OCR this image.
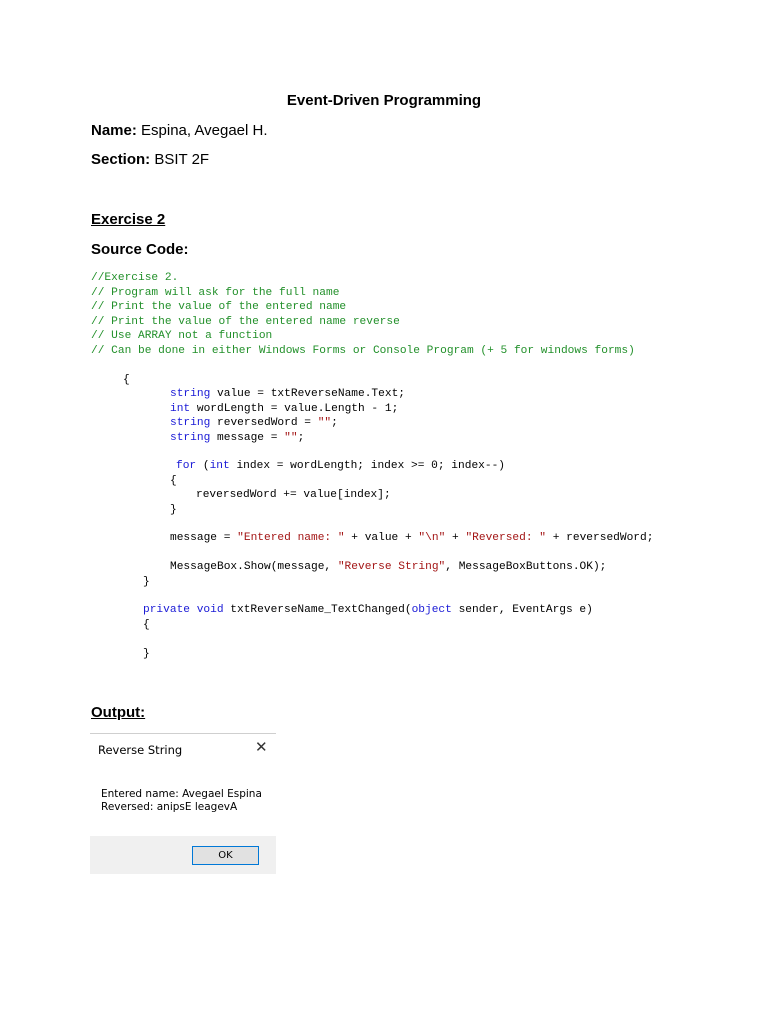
Event-Driven Programming
Name: Espina, Avegael H.
Section: BSIT 2F
Exercise 2
Source Code:
//Exercise 2.
// Program will ask for the full name
// Print the value of the entered name
// Print the value of the entered name reverse
// Use ARRAY not a function
// Can be done in either Windows Forms or Console Program (+ 5 for windows forms)
{
string value = txtReverseName.Text;
int wordLength = value.Length - 1;
string reversedWord = "";
string message = "";
for (int index = wordLength; index >= 0; index--)
{
reversedWord += value[index];
}
message = "Entered name: " + value + "\n" + "Reversed: " + reversedWord;
MessageBox.Show(message, "Reverse String", MessageBoxButtons.OK);
}
private void txtReverseName_TextChanged(object sender, EventArgs e)
{
}
Output:
Reverse String	✕
Entered name: Avegael Espina
Reversed: anipsE leagevA
OK
